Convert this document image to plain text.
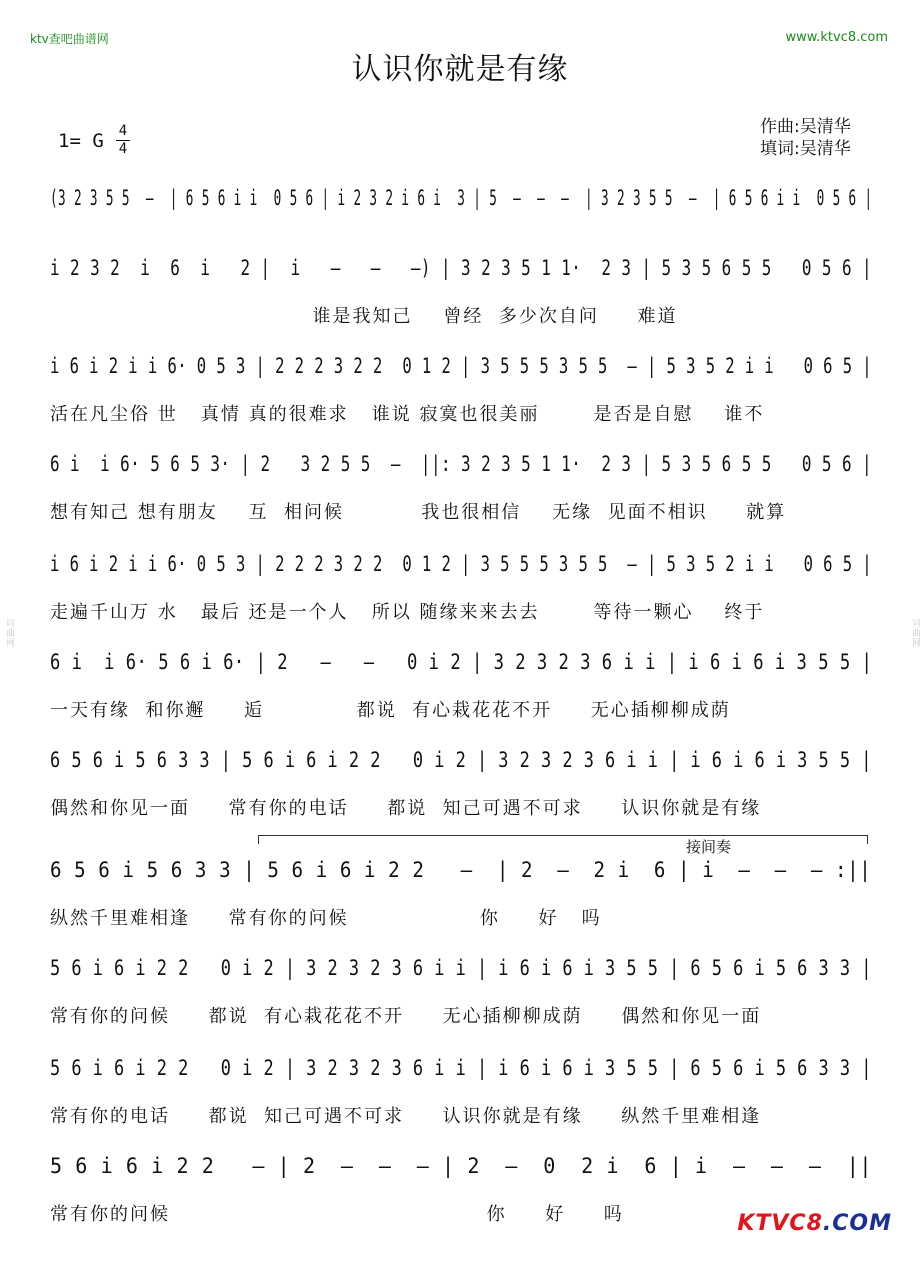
词曲网	词曲网
ktv查吧曲谱网	www.ktvc8.com
认识你就是有缘
1= G 4
4
作曲:吴清华
填词:吴清华
接间奏
(3 2 3 5 5  –  | 6 5 6 i i  0 5 6 | i 2 3 2 i 6 i  3 | 5  –  –  –  | 3 2 3 5 5  –  | 6 5 6 i i  0 5 6 |
i 2 3 2  i  6  i   2 |  i   –   –   –) | 3 2 3 5 1 1·  2 3 | 5 3 5 6 5 5   0 5 6 |
谁是我知己    曾经  多少次自问     难道
i 6 i 2 i i 6· 0 5 3 | 2 2 2 3 2 2  0 1 2 | 3 5 5 5 3 5 5  – | 5 3 5 2 i i   0 6 5 |
活在凡尘俗 世   真情 真的很难求   谁说 寂寞也很美丽       是否是自慰    谁不
6 i  i 6· 5 6 5 3· | 2   3 2 5 5  –  ||: 3 2 3 5 1 1·  2 3 | 5 3 5 6 5 5   0 5 6 |
想有知己 想有朋友    互  相问候          我也很相信    无缘  见面不相识     就算
i 6 i 2 i i 6· 0 5 3 | 2 2 2 3 2 2  0 1 2 | 3 5 5 5 3 5 5  – | 5 3 5 2 i i   0 6 5 |
走遍千山万 水   最后 还是一个人   所以 随缘来来去去       等待一颗心    终于
6 i  i 6· 5 6 i 6· | 2   –   –   0 i 2 | 3 2 3 2 3 6 i i | i 6 i 6 i 3 5 5 |
一天有缘  和你邂     逅            都说  有心栽花花不开     无心插柳柳成荫
6 5 6 i 5 6 3 3 | 5 6 i 6 i 2 2   0 i 2 | 3 2 3 2 3 6 i i | i 6 i 6 i 3 5 5 |
偶然和你见一面     常有你的电话     都说  知己可遇不可求     认识你就是有缘
6 5 6 i 5 6 3 3 | 5 6 i 6 i 2 2   –  | 2  –  2 i  6 | i  –  –  – :||
纵然千里难相逢     常有你的问候                 你     好   吗
5 6 i 6 i 2 2   0 i 2 | 3 2 3 2 3 6 i i | i 6 i 6 i 3 5 5 | 6 5 6 i 5 6 3 3 |
常有你的问候     都说  有心栽花花不开     无心插柳柳成荫     偶然和你见一面
5 6 i 6 i 2 2   0 i 2 | 3 2 3 2 3 6 i i | i 6 i 6 i 3 5 5 | 6 5 6 i 5 6 3 3 |
常有你的电话     都说  知己可遇不可求     认识你就是有缘     纵然千里难相逢
5 6 i 6 i 2 2   – | 2  –  –  – | 2  –  0  2 i  6 | i  –  –  –  ||
常有你的问候                                         你     好     吗	KTVC8.COM
